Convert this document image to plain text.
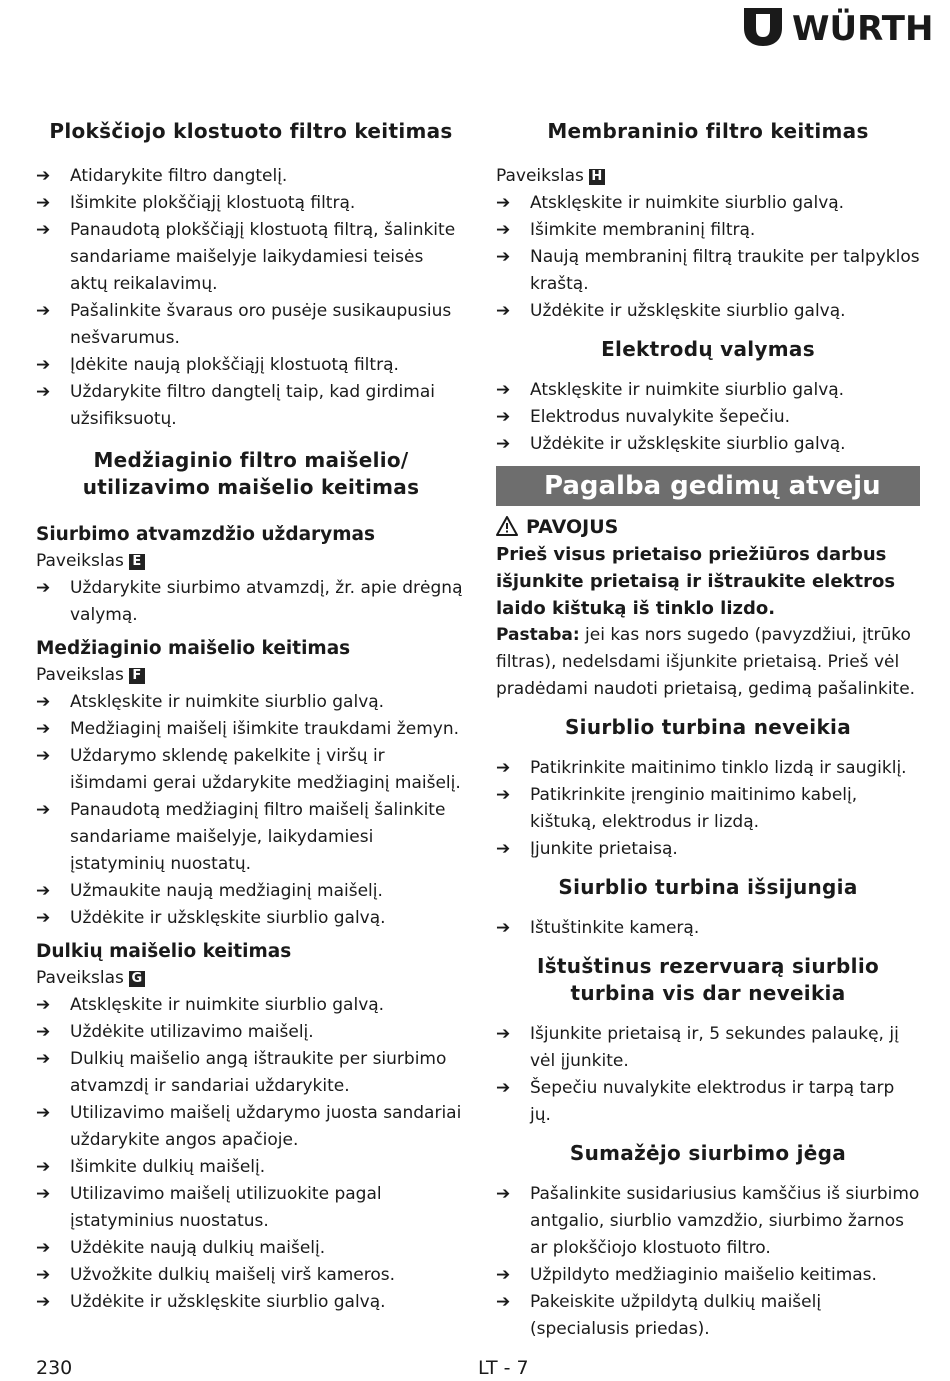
WÜRTH
Plokščiojo klostuoto filtro keitimas
➔ Atidarykite filtro dangtelį.
➔ Išimkite plokščiąjį klostuotą filtrą.
➔ Panaudotą plokščiąjį klostuotą filtrą, šalinkite sandariame maišelyje laikydamiesi teisės aktų reikalavimų.
➔ Pašalinkite švaraus oro pusėje susikaupusius nešvarumus.
➔ Įdėkite naują plokščiąjį klostuotą filtrą.
➔ Uždarykite filtro dangtelį taip, kad girdimai užsifiksuotų.
Medžiaginio filtro maišelio/
utilizavimo maišelio keitimas
Siurbimo atvamzdžio uždarymas

Paveikslas E

➔ Uždarykite siurbimo atvamzdį, žr. apie drėgną valymą.
Medžiaginio maišelio keitimas

Paveikslas F

➔ Atsklęskite ir nuimkite siurblio galvą.
➔ Medžiaginį maišelį išimkite traukdami žemyn.
➔ Uždarymo sklendę pakelkite į viršų ir išimdami gerai uždarykite medžiaginį maišelį.
➔ Panaudotą medžiaginį filtro maišelį šalinkite sandariame maišelyje, laikydamiesi įstatyminių nuostatų.
➔ Užmaukite naują medžiaginį maišelį.
➔ Uždėkite ir užsklęskite siurblio galvą.
Dulkių maišelio keitimas

Paveikslas G

➔ Atsklęskite ir nuimkite siurblio galvą.
➔ Uždėkite utilizavimo maišelį.
➔ Dulkių maišelio angą ištraukite per siurbimo atvamzdį ir sandariai uždarykite.
➔ Utilizavimo maišelį uždarymo juosta sandariai uždarykite angos apačioje.
➔ Išimkite dulkių maišelį.
➔ Utilizavimo maišelį utilizuokite pagal įstatyminius nuostatus.
➔ Uždėkite naują dulkių maišelį.
➔ Užvožkite dulkių maišelį virš kameros.
➔ Uždėkite ir užsklęskite siurblio galvą.
Membraninio filtro keitimas

Paveikslas H

➔ Atsklęskite ir nuimkite siurblio galvą.
➔ Išimkite membraninį filtrą.
➔ Naują membraninį filtrą traukite per talpyklos kraštą.
➔ Uždėkite ir užsklęskite siurblio galvą.
Elektrodų valymas
➔ Atsklęskite ir nuimkite siurblio galvą.
➔ Elektrodus nuvalykite šepečiu.
➔ Uždėkite ir užsklęskite siurblio galvą.
Pagalba gedimų atveju

PAVOJUS

Prieš visus prietaiso priežiūros darbus išjunkite prietaisą ir ištraukite elektros laido kištuką iš tinklo lizdo.

Pastaba: jei kas nors sugedo (pavyzdžiui, įtrūko filtras), nedelsdami išjunkite prietaisą. Prieš vėl pradėdami naudoti prietaisą, gedimą pašalinkite.

Siurblio turbina neveikia
➔ Patikrinkite maitinimo tinklo lizdą ir saugiklį.
➔ Patikrinkite įrenginio maitinimo kabelį, kištuką, elektrodus ir lizdą.
➔ Įjunkite prietaisą.
Siurblio turbina išsijungia
➔ Ištuštinkite kamerą.
Ištuštinus rezervuarą siurblio
turbina vis dar neveikia
➔ Išjunkite prietaisą ir, 5 sekundes palaukę, jį vėl įjunkite.
➔ Šepečiu nuvalykite elektrodus ir tarpą tarp jų.
Sumažėjo siurbimo jėga
➔ Pašalinkite susidariusius kamščius iš siurbimo antgalio, siurblio vamzdžio, siurbimo žarnos ar plokščiojo klostuoto filtro.
➔ Užpildyto medžiaginio maišelio keitimas.
➔ Pakeiskite užpildytą dulkių maišelį (specialusis priedas).
230	LT - 7
